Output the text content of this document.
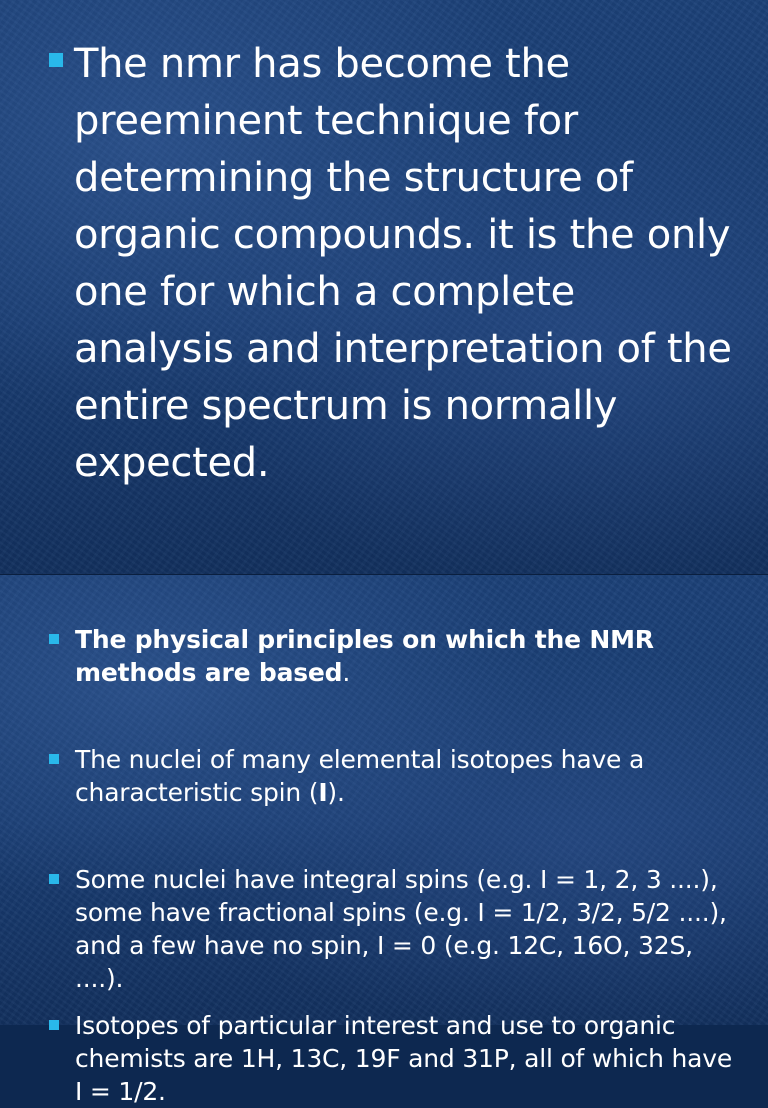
The nmr has become the preeminent technique for determining the structure of organic compounds. it is the only one for which a complete analysis and interpretation of the entire spectrum is normally expected.
The physical principles on which the NMR methods are based.
The nuclei of many elemental isotopes have a characteristic spin (I).
Some nuclei have integral spins (e.g. I = 1, 2, 3 ....), some have fractional spins (e.g. I = 1/2, 3/2, 5/2 ....), and a few have no spin, I = 0 (e.g. 12C, 16O, 32S, ....).
Isotopes of particular interest and use to organic chemists are 1H, 13C, 19F and 31P, all of which have I = 1/2.
